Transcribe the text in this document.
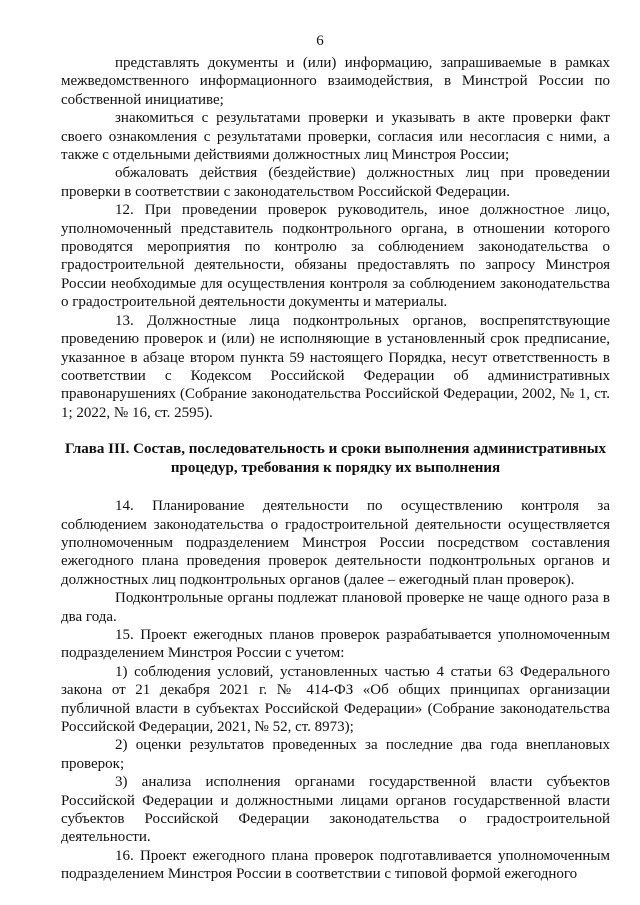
6

представлять документы и (или) информацию, запрашиваемые в рамках межведомственного информационного взаимодействия, в Минстрой России по собственной инициативе;

знакомиться с результатами проверки и указывать в акте проверки факт своего ознакомления с результатами проверки, согласия или несогласия с ними, а также с отдельными действиями должностных лиц Минстроя России;

обжаловать действия (бездействие) должностных лиц при проведении проверки в соответствии с законодательством Российской Федерации.

12. При проведении проверок руководитель, иное должностное лицо, уполномоченный представитель подконтрольного органа, в отношении которого проводятся мероприятия по контролю за соблюдением законодательства о градостроительной деятельности, обязаны предоставлять по запросу Минстроя России необходимые для осуществления контроля за соблюдением законодательства о градостроительной деятельности документы и материалы.

13. Должностные лица подконтрольных органов, воспрепятствующие проведению проверок и (или) не исполняющие в установленный срок предписание, указанное в абзаце втором пункта 59 настоящего Порядка, несут ответственность в соответствии с Кодексом Российской Федерации об административных правонарушениях (Собрание законодательства Российской Федерации, 2002, № 1, ст. 1; 2022, № 16, ст. 2595).

Глава III. Состав, последовательность и сроки выполнения административных
процедур, требования к порядку их выполнения

14. Планирование деятельности по осуществлению контроля за соблюдением законодательства о градостроительной деятельности осуществляется уполномоченным подразделением Минстроя России посредством составления ежегодного плана проведения проверок деятельности подконтрольных органов и должностных лиц подконтрольных органов (далее – ежегодный план проверок).

Подконтрольные органы подлежат плановой проверке не чаще одного раза в два года.

15. Проект ежегодных планов проверок разрабатывается уполномоченным подразделением Минстроя России с учетом:

1) соблюдения условий, установленных частью 4 статьи 63 Федерального закона от 21 декабря 2021 г. № 414-ФЗ «Об общих принципах организации публичной власти в субъектах Российской Федерации» (Собрание законодательства Российской Федерации, 2021, № 52, ст. 8973);

2) оценки результатов проведенных за последние два года внеплановых проверок;

3) анализа исполнения органами государственной власти субъектов Российской Федерации и должностными лицами органов государственной власти субъектов Российской Федерации законодательства о градостроительной деятельности.

16. Проект ежегодного плана проверок подготавливается уполномоченным подразделением Минстроя России в соответствии с типовой формой ежегодного
